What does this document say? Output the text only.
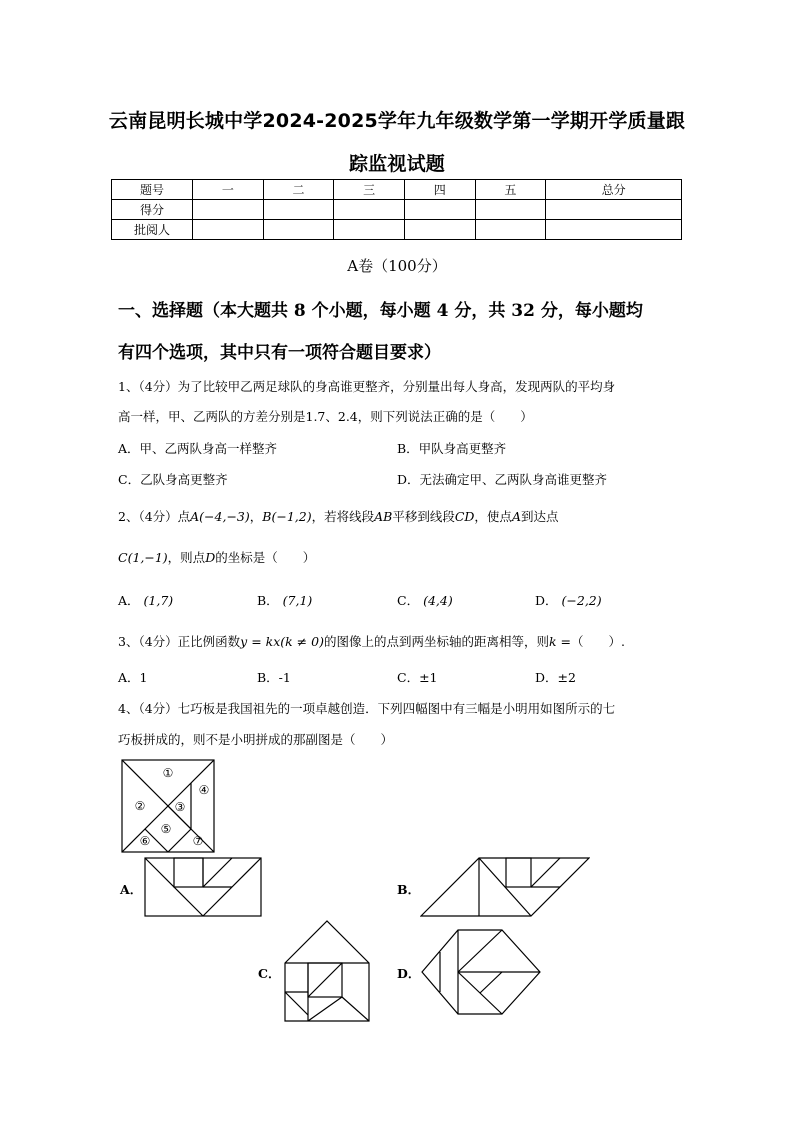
云南昆明长城中学2024-2025学年九年级数学第一学期开学质量跟
踪监视试题
题号	一	二	三	四	五	总分
得分						
批阅人						
A卷（100分）
一、选择题（本大题共 8 个小题，每小题 4 分，共 32 分，每小题均
有四个选项，其中只有一项符合题目要求）
1、（4分）为了比较甲乙两足球队的身高谁更整齐，分别量出每人身高，发现两队的平均身
高一样，甲、乙两队的方差分别是1.7、2.4，则下列说法正确的是（　　）
A．甲、乙两队身高一样整齐	B．甲队身高更整齐
C．乙队身高更整齐	D．无法确定甲、乙两队身高谁更整齐
2、（4分）点A(−4,−3)，B(−1,2)，若将线段AB平移到线段CD，使点A到达点
C(1,−1)，则点D的坐标是（　　）
A． (1,7)	B． (7,1)	C． (4,4)	D． (−2,2)
3、（4分）正比例函数y = kx(k ≠ 0)的图像上的点到两坐标轴的距离相等，则k =（　　）.
A．1	B．-1	C．±1	D．±2
4、（4分）七巧板是我国祖先的一项卓越创造．下列四幅图中有三幅是小明用如图所示的七
巧板拼成的，则不是小明拼成的那副图是（　　）
①
② ③
④
⑤
⑥	⑦
A．	B．
C．	D．
